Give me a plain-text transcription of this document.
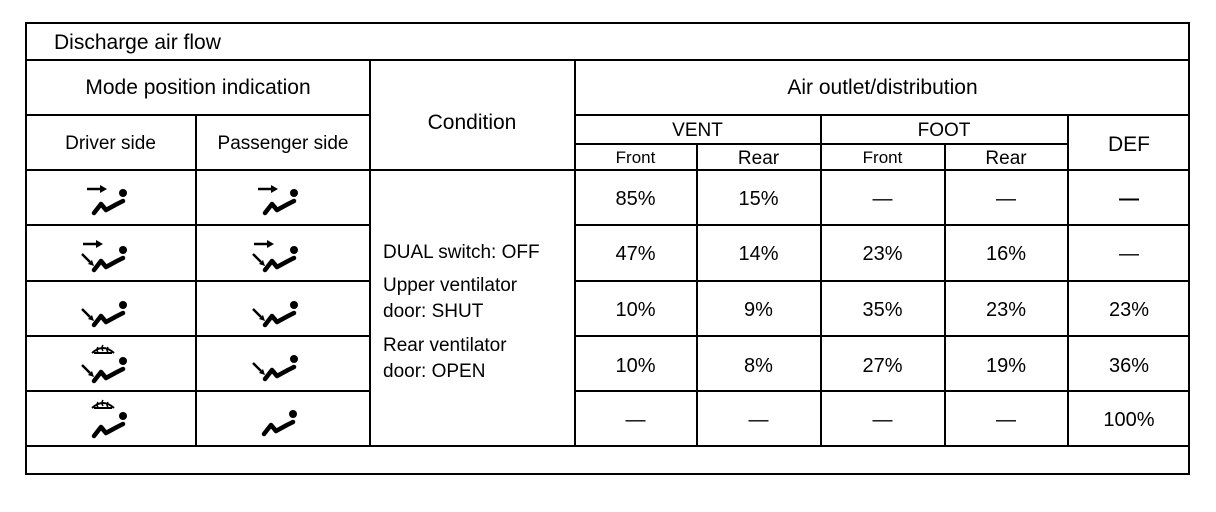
Discharge air flow
Mode position indication	Air outlet/distribution
Condition
Driver side	Passenger side
VENT	FOOT
DEF
Front	Rear	Front	Rear
DUAL switch: OFF
Upper ventilator
door: SHUT
Rear ventilator
door: OPEN
85%	15%	—	—	—
47%	14%	23%	16%	—
10%	9%	35%	23%	23%
10%	8%	27%	19%	36%
—	—	—	—	100%
